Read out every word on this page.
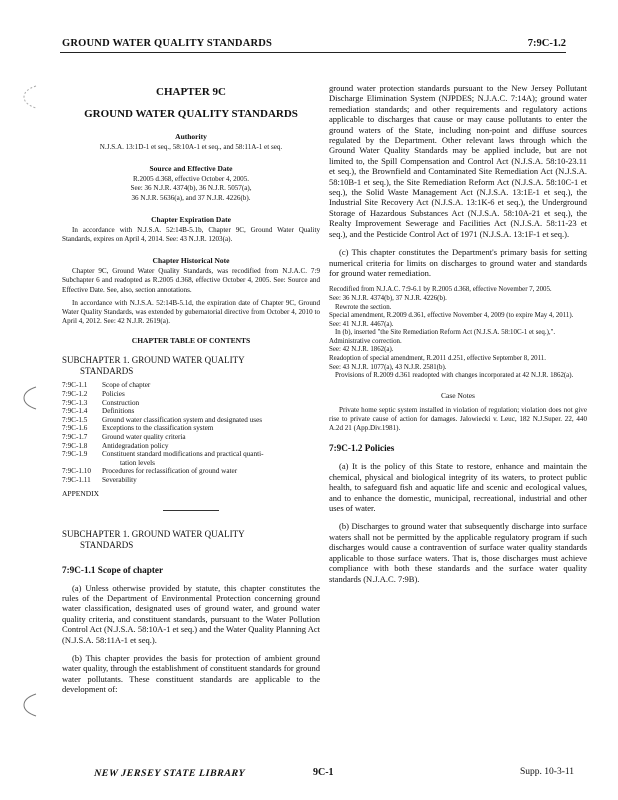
GROUND WATER QUALITY STANDARDS	7:9C-1.2
CHAPTER 9C
GROUND WATER QUALITY STANDARDS
Authority
N.J.S.A. 13:1D-1 et seq., 58:10A-1 et seq., and 58:11A-1 et seq.
Source and Effective Date
R.2005 d.368, effective October 4, 2005.
See: 36 N.J.R. 4374(b), 36 N.J.R. 5057(a),
36 N.J.R. 5636(a), and 37 N.J.R. 4226(b).
Chapter Expiration Date
In accordance with N.J.S.A. 52:14B-5.1b, Chapter 9C, Ground Water Quality Standards, expires on April 4, 2014. See: 43 N.J.R. 1203(a).
Chapter Historical Note
Chapter 9C, Ground Water Quality Standards, was recodified from N.J.A.C. 7:9 Subchapter 6 and readopted as R.2005 d.368, effective October 4, 2005. See: Source and Effective Date. See, also, section annotations.
In accordance with N.J.S.A. 52:14B-5.1d, the expiration date of Chapter 9C, Ground Water Quality Standards, was extended by gubernatorial directive from October 4, 2010 to April 4, 2012. See: 42 N.J.R. 2619(a).
CHAPTER TABLE OF CONTENTS
SUBCHAPTER 1. GROUND WATER QUALITY
STANDARDS
7:9C-1.1	Scope of chapter
7:9C-1.2	Policies
7:9C-1.3	Construction
7:9C-1.4	Definitions
7:9C-1.5	Ground water classification system and designated uses
7:9C-1.6	Exceptions to the classification system
7:9C-1.7	Ground water quality criteria
7:9C-1.8	Antidegradation policy
7:9C-1.9	Constituent standard modifications and practical quanti-
tation levels
7:9C-1.10	Procedures for reclassification of ground water
7:9C-1.11	Severability
APPENDIX
SUBCHAPTER 1. GROUND WATER QUALITY
STANDARDS
7:9C-1.1 Scope of chapter

(a) Unless otherwise provided by statute, this chapter constitutes the rules of the Department of Environmental Protection concerning ground water classification, designated uses of ground water, and ground water quality criteria, and constituent standards, pursuant to the Water Pollution Control Act (N.J.S.A. 58:10A-1 et seq.) and the Water Quality Planning Act (N.J.S.A. 58:11A-1 et seq.).

(b) This chapter provides the basis for protection of ambient ground water quality, through the establishment of constituent standards for ground water pollutants. These constituent standards are applicable to the development of:

ground water protection standards pursuant to the New Jersey Pollutant Discharge Elimination System (NJPDES; N.J.A.C. 7:14A); ground water remediation standards; and other requirements and regulatory actions applicable to discharges that cause or may cause pollutants to enter the ground waters of the State, including non-point and diffuse sources regulated by the Department. Other relevant laws through which the Ground Water Quality Standards may be applied include, but are not limited to, the Spill Compensation and Control Act (N.J.S.A. 58:10-23.11 et seq.), the Brownfield and Contaminated Site Remediation Act (N.J.S.A. 58:10B-1 et seq.), the Site Remediation Reform Act (N.J.S.A. 58:10C-1 et seq.), the Solid Waste Management Act (N.J.S.A. 13:1E-1 et seq.), the Industrial Site Recovery Act (N.J.S.A. 13:1K-6 et seq.), the Underground Storage of Hazardous Substances Act (N.J.S.A. 58:10A-21 et seq.), the Realty Improvement Sewerage and Facilities Act (N.J.S.A. 58:11-23 et seq.), and the Pesticide Control Act of 1971 (N.J.S.A. 13:1F-1 et seq.).

(c) This chapter constitutes the Department's primary basis for setting numerical criteria for limits on discharges to ground water and standards for ground water remediation.

Recodified from N.J.A.C. 7:9-6.1 by R.2005 d.368, effective November 7, 2005.
See: 36 N.J.R. 4374(b), 37 N.J.R. 4226(b).
Rewrote the section.
Special amendment, R.2009 d.361, effective November 4, 2009 (to expire May 4, 2011).
See: 41 N.J.R. 4467(a).
In (b), inserted "the Site Remediation Reform Act (N.J.S.A. 58:10C-1 et seq.),".
Administrative correction.
See: 42 N.J.R. 1862(a).
Readoption of special amendment, R.2011 d.251, effective September 8, 2011.
See: 43 N.J.R. 1077(a), 43 N.J.R. 2581(b).
Provisions of R.2009 d.361 readopted with changes incorporated at 42 N.J.R. 1862(a).
Case Notes
Private home septic system installed in violation of regulation; violation does not give rise to private cause of action for damages. Jalowiecki v. Leuc, 182 N.J.Super. 22, 440 A.2d 21 (App.Div.1981).
7:9C-1.2 Policies

(a) It is the policy of this State to restore, enhance and maintain the chemical, physical and biological integrity of its waters, to protect public health, to safeguard fish and aquatic life and scenic and ecological values, and to enhance the domestic, municipal, recreational, industrial and other uses of water.

(b) Discharges to ground water that subsequently discharge into surface waters shall not be permitted by the applicable regulatory program if such discharges would cause a contravention of surface water quality standards applicable to those surface waters. That is, those discharges must achieve compliance with both these standards and the surface water quality standards (N.J.A.C. 7:9B).

NEW JERSEY STATE LIBRARY	9C-1	Supp. 10-3-11
